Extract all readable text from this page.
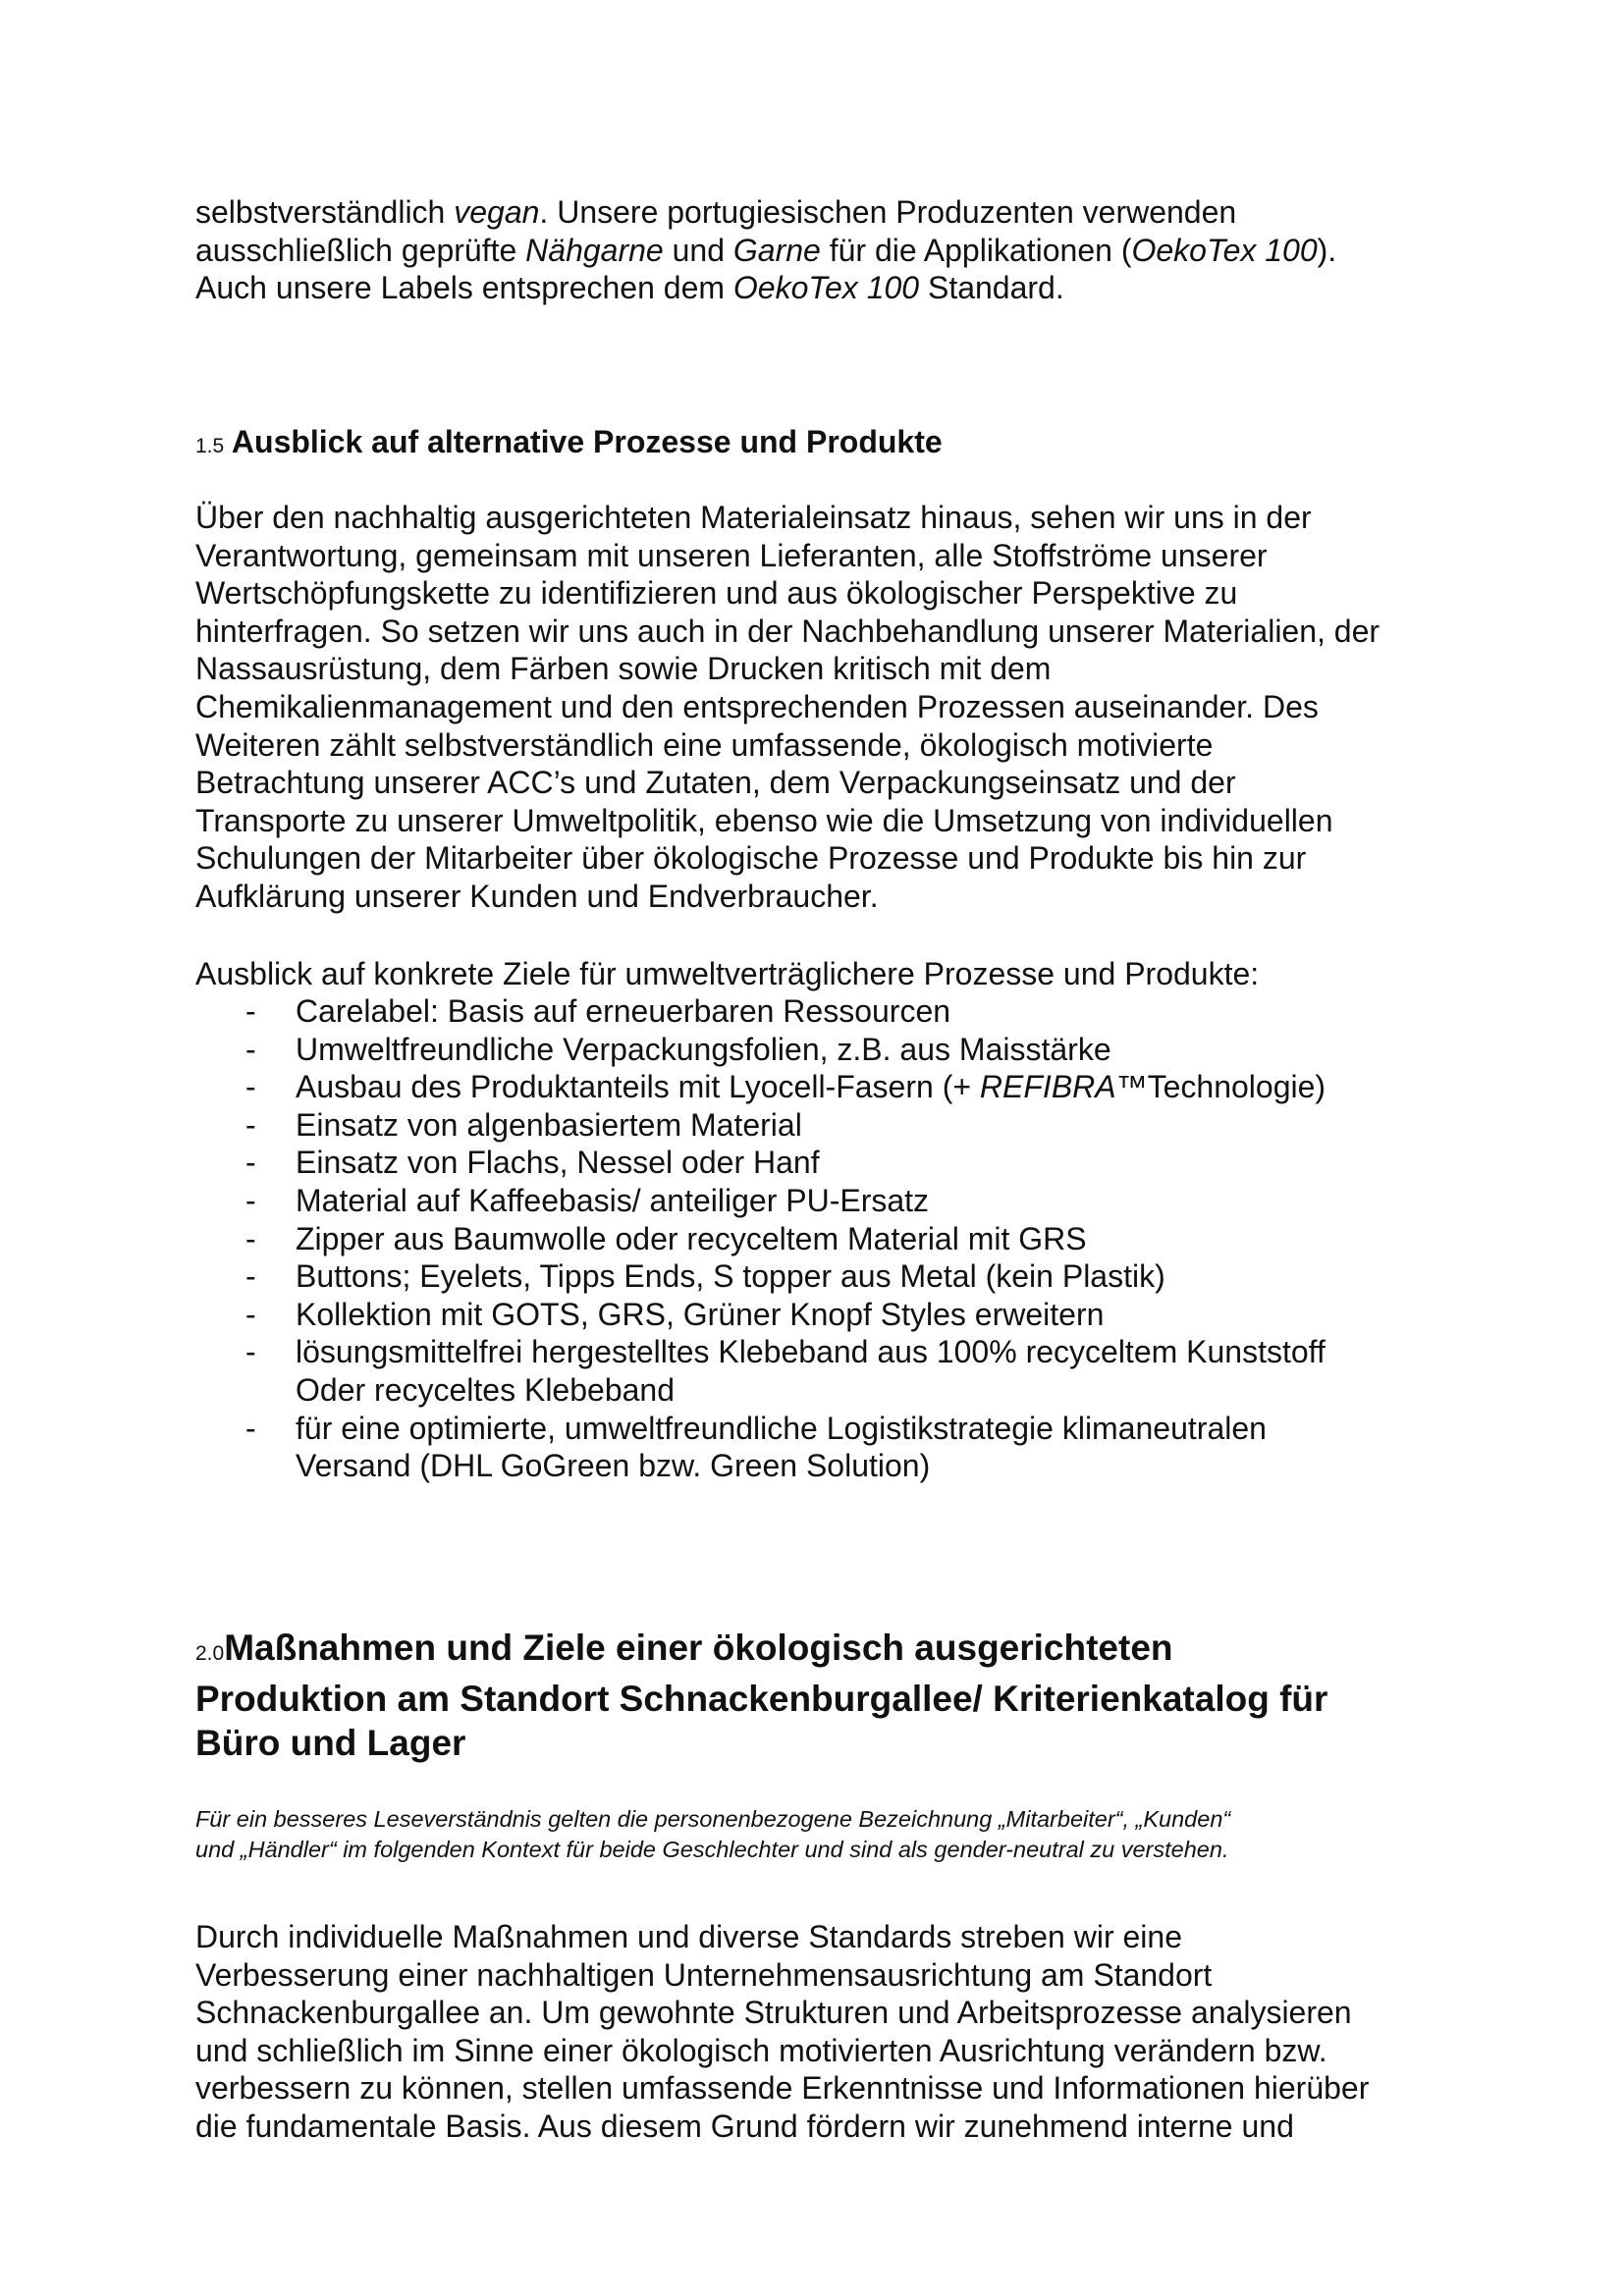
selbstverständlich vegan. Unsere portugiesischen Produzenten verwenden
ausschließlich geprüfte Nähgarne und Garne für die Applikationen (OekoTex 100).
Auch unsere Labels entsprechen dem OekoTex 100 Standard.

1.5 Ausblick auf alternative Prozesse und Produkte

Über den nachhaltig ausgerichteten Materialeinsatz hinaus, sehen wir uns in der
Verantwortung, gemeinsam mit unseren Lieferanten, alle Stoffströme unserer
Wertschöpfungskette zu identifizieren und aus ökologischer Perspektive zu
hinterfragen. So setzen wir uns auch in der Nachbehandlung unserer Materialien, der
Nassausrüstung, dem Färben sowie Drucken kritisch mit dem
Chemikalienmanagement und den entsprechenden Prozessen auseinander. Des
Weiteren zählt selbstverständlich eine umfassende, ökologisch motivierte
Betrachtung unserer ACC’s und Zutaten, dem Verpackungseinsatz und der
Transporte zu unserer Umweltpolitik, ebenso wie die Umsetzung von individuellen
Schulungen der Mitarbeiter über ökologische Prozesse und Produkte bis hin zur
Aufklärung unserer Kunden und Endverbraucher.

Ausblick auf konkrete Ziele für umweltverträglichere Prozesse und Produkte:

- Carelabel: Basis auf erneuerbaren Ressourcen
- Umweltfreundliche Verpackungsfolien, z.B. aus Maisstärke
- Ausbau des Produktanteils mit Lyocell-Fasern (+ REFIBRA™Technologie)
- Einsatz von algenbasiertem Material
- Einsatz von Flachs, Nessel oder Hanf
- Material auf Kaffeebasis/ anteiliger PU-Ersatz
- Zipper aus Baumwolle oder recyceltem Material mit GRS
- Buttons; Eyelets, Tipps Ends, S topper aus Metal (kein Plastik)
- Kollektion mit GOTS, GRS, Grüner Knopf Styles erweitern
- lösungsmittelfrei hergestelltes Klebeband aus 100% recyceltem Kunststoff
Oder recyceltes Klebeband
- für eine optimierte, umweltfreundliche Logistikstrategie klimaneutralen
Versand (DHL GoGreen bzw. Green Solution)
2.0Maßnahmen und Ziele einer ökologisch ausgerichteten
Produktion am Standort Schnackenburgallee/ Kriterienkatalog für
Büro und Lager

Für ein besseres Leseverständnis gelten die personenbezogene Bezeichnung „Mitarbeiter“, „Kunden“
und „Händler“ im folgenden Kontext für beide Geschlechter und sind als gender-neutral zu verstehen.

Durch individuelle Maßnahmen und diverse Standards streben wir eine
Verbesserung einer nachhaltigen Unternehmensausrichtung am Standort
Schnackenburgallee an. Um gewohnte Strukturen und Arbeitsprozesse analysieren
und schließlich im Sinne einer ökologisch motivierten Ausrichtung verändern bzw.
verbessern zu können, stellen umfassende Erkenntnisse und Informationen hierüber
die fundamentale Basis. Aus diesem Grund fördern wir zunehmend interne und
